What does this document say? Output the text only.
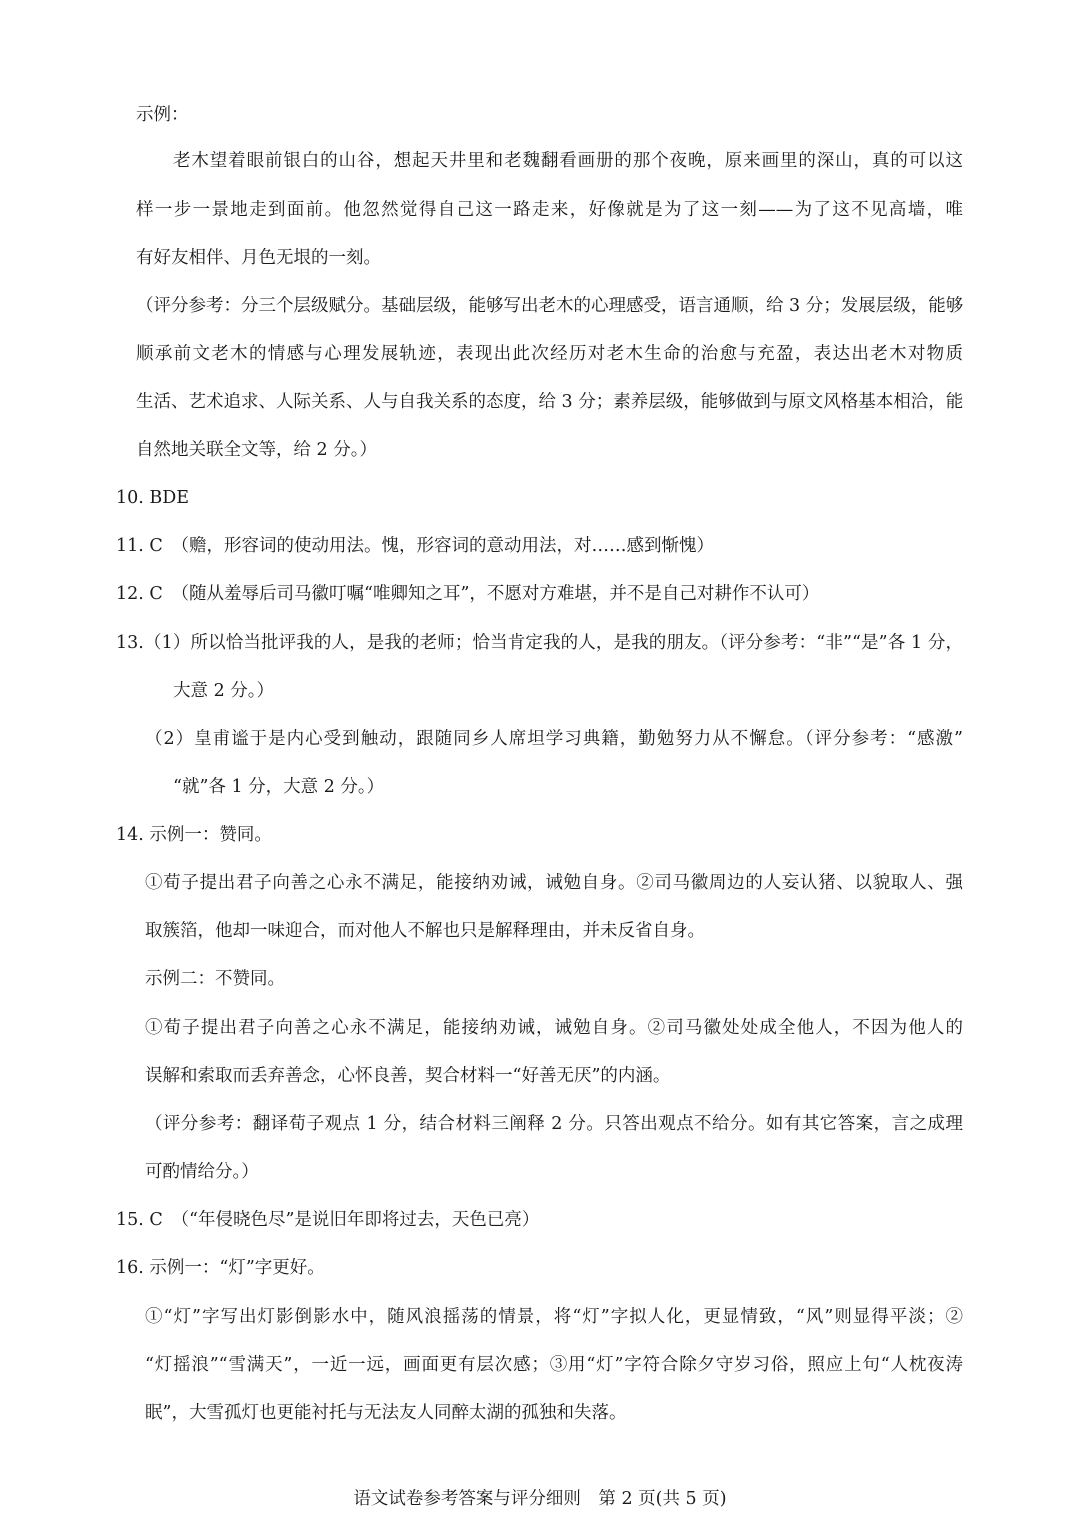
示例：
老木望着眼前银白的山谷，想起天井里和老魏翻看画册的那个夜晚，原来画里的深山，真的可以这
样一步一景地走到面前。他忽然觉得自己这一路走来，好像就是为了这一刻——为了这不见高墙，唯
有好友相伴、月色无垠的一刻。
（评分参考：分三个层级赋分。基础层级，能够写出老木的心理感受，语言通顺，给 3 分；发展层级，能够
顺承前文老木的情感与心理发展轨迹，表现出此次经历对老木生命的治愈与充盈，表达出老木对物质
生活、艺术追求、人际关系、人与自我关系的态度，给 3 分；素养层级，能够做到与原文风格基本相洽，能
自然地关联全文等，给 2 分。）
10. BDE
11. C　（赡，形容词的使动用法。愧，形容词的意动用法，对……感到惭愧）
12. C　（随从羞辱后司马徽叮嘱“唯卿知之耳”，不愿对方难堪，并不是自己对耕作不认可）
13.（1）所以恰当批评我的人，是我的老师；恰当肯定我的人，是我的朋友。（评分参考：“非”“是”各 1 分，
大意 2 分。）
（2）皇甫谧于是内心受到触动，跟随同乡人席坦学习典籍，勤勉努力从不懈怠。（评分参考：“感激”
“就”各 1 分，大意 2 分。）
14. 示例一：赞同。
①荀子提出君子向善之心永不满足，能接纳劝诫，诫勉自身。②司马徽周边的人妄认猪、以貌取人、强
取簇箔，他却一味迎合，而对他人不解也只是解释理由，并未反省自身。
示例二：不赞同。
①荀子提出君子向善之心永不满足，能接纳劝诫，诫勉自身。②司马徽处处成全他人，不因为他人的
误解和索取而丢弃善念，心怀良善，契合材料一“好善无厌”的内涵。
（评分参考：翻译荀子观点 1 分，结合材料三阐释 2 分。只答出观点不给分。如有其它答案，言之成理
可酌情给分。）
15. C　（“年侵晓色尽”是说旧年即将过去，天色已亮）
16. 示例一：“灯”字更好。
①“灯”字写出灯影倒影水中，随风浪摇荡的情景，将“灯”字拟人化，更显情致，“风”则显得平淡；②
“灯摇浪”“雪满天”，一近一远，画面更有层次感；③用“灯”字符合除夕守岁习俗，照应上句“人枕夜涛
眠”，大雪孤灯也更能衬托与无法友人同醉太湖的孤独和失落。
语文试卷参考答案与评分细则　第 2 页(共 5 页)
